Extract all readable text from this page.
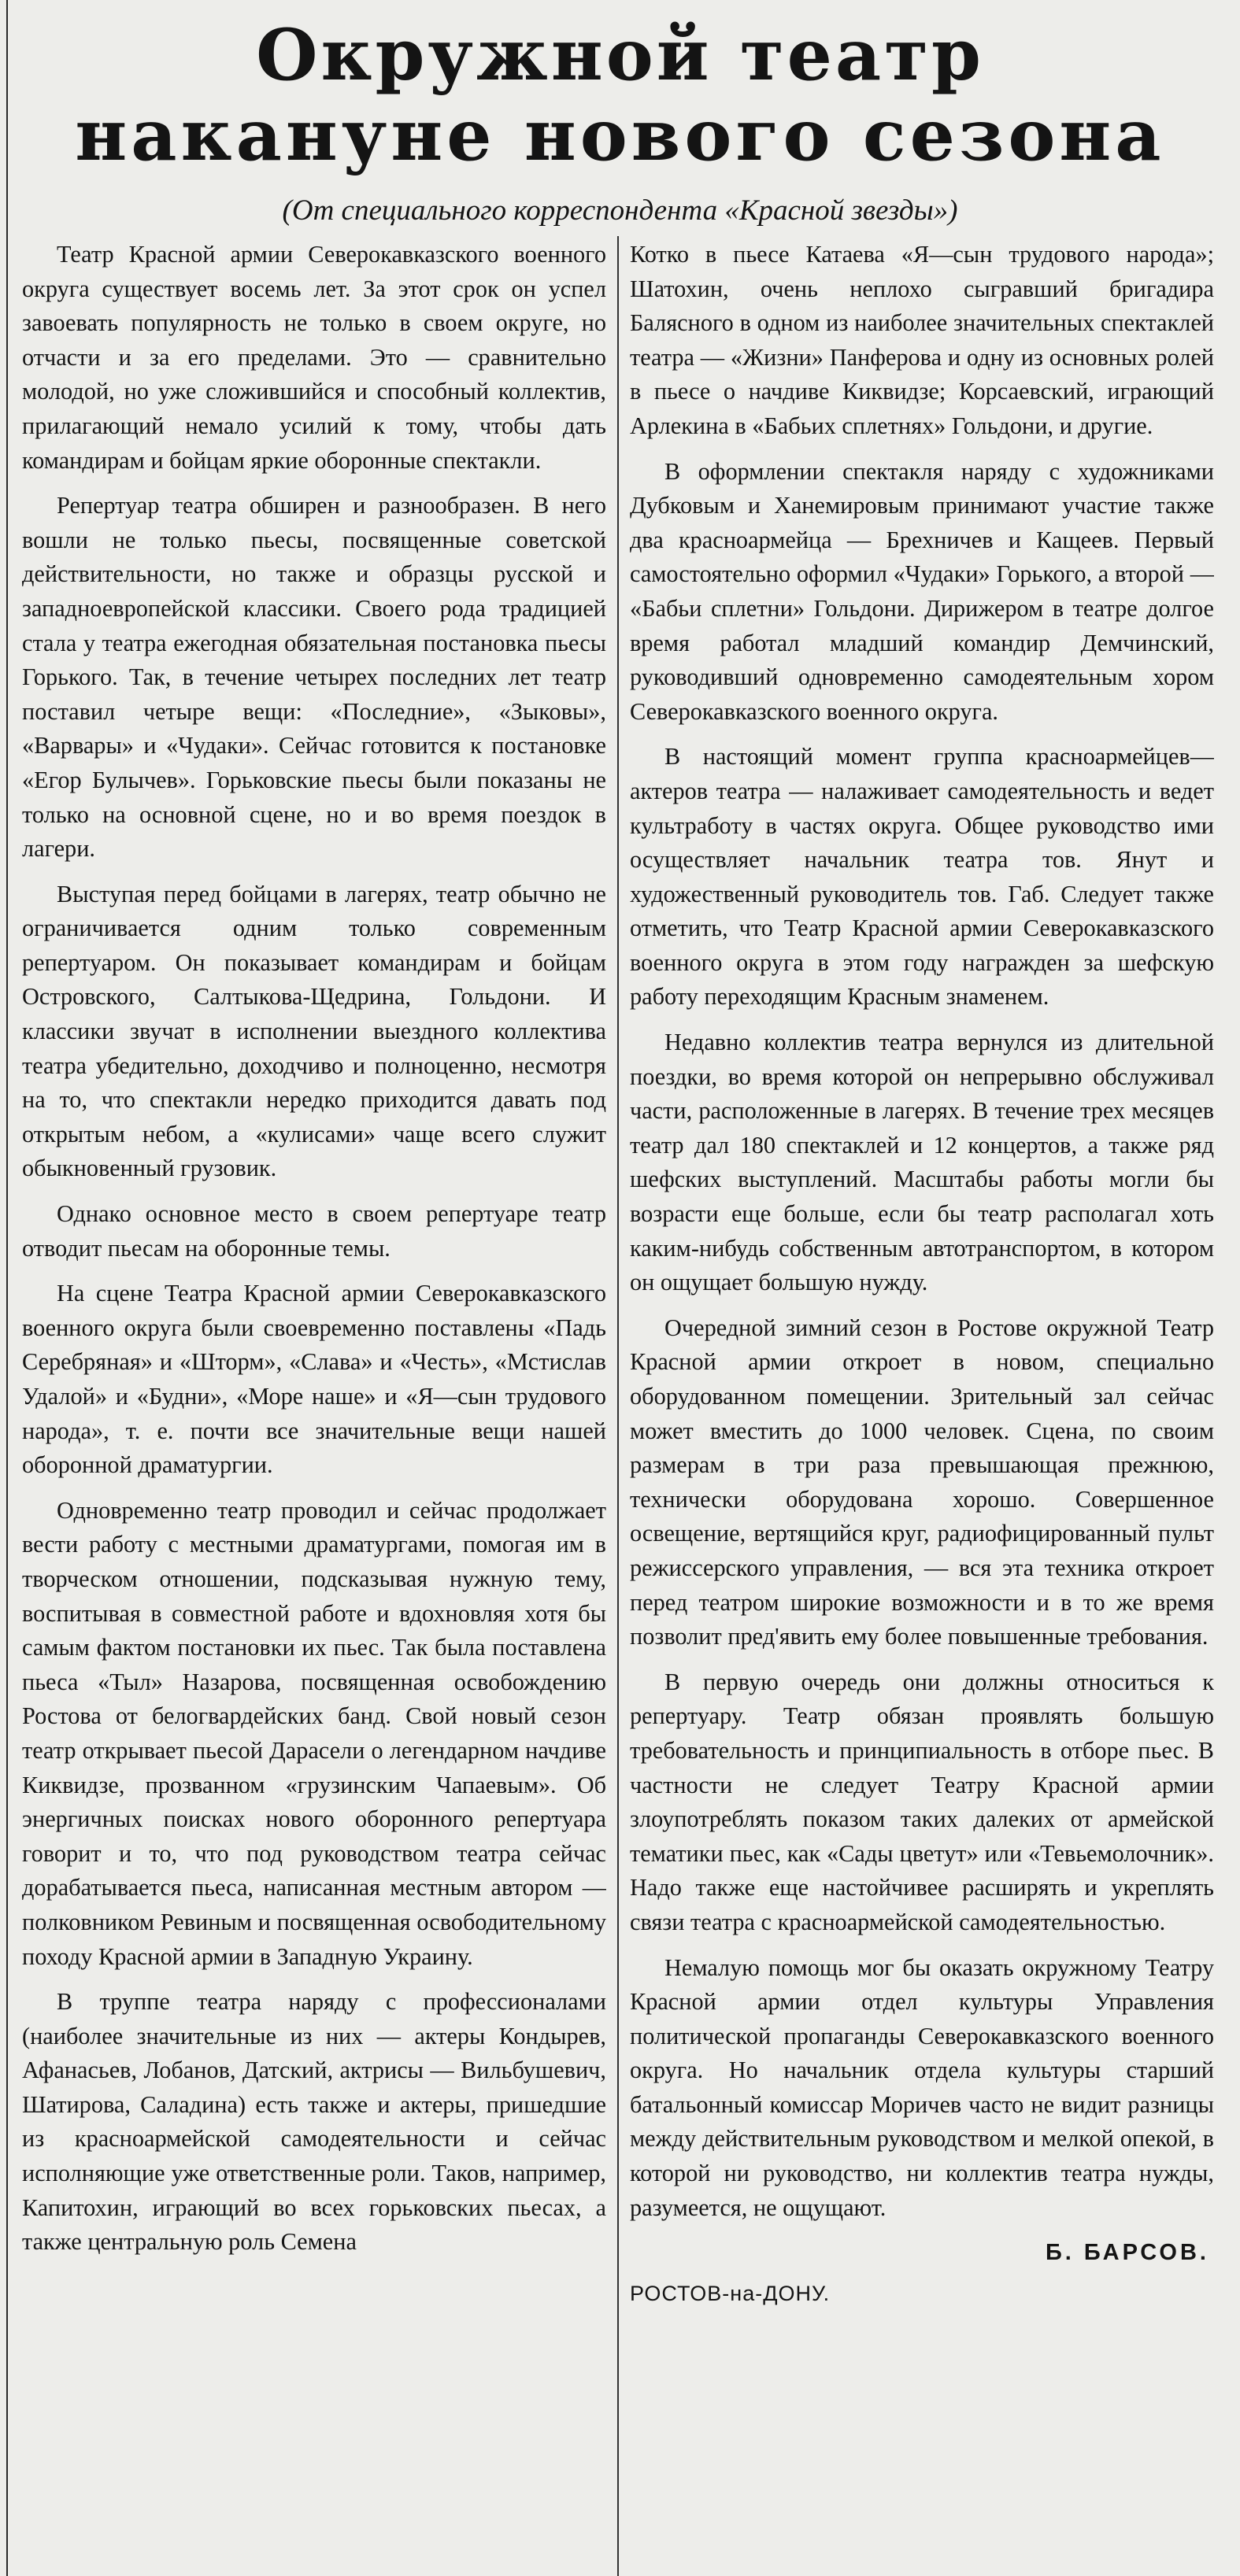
Окружной театр
накануне нового сезона

(От специального корреспондента «Красной звезды»)

Театр Красной армии Северокавказского военного округа существует восемь лет. За этот срок он успел завоевать популярность не только в своем округе, но отчасти и за его пределами. Это — сравнительно молодой, но уже сложившийся и способный коллектив, прилагающий немало усилий к тому, чтобы дать командирам и бойцам яркие оборонные спектакли.

Репертуар театра обширен и разнообразен. В него вошли не только пьесы, посвященные советской действительности, но также и образцы русской и западноевропейской классики. Своего рода традицией стала у театра ежегодная обязательная постановка пьесы Горького. Так, в течение четырех последних лет театр поставил четыре вещи: «Последние», «Зыковы», «Варвары» и «Чудаки». Сейчас готовится к постановке «Егор Булычев». Горьковские пьесы были показаны не только на основной сцене, но и во время поездок в лагери.

Выступая перед бойцами в лагерях, театр обычно не ограничивается одним только современным репертуаром. Он показывает командирам и бойцам Островского, Салтыкова-Щедрина, Гольдони. И классики звучат в исполнении выездного коллектива театра убедительно, доходчиво и полноценно, несмотря на то, что спектакли нередко приходится давать под открытым небом, а «кулисами» чаще всего служит обыкновенный грузовик.

Однако основное место в своем репертуаре театр отводит пьесам на оборонные темы.

На сцене Театра Красной армии Северокавказского военного округа были своевременно поставлены «Падь Серебряная» и «Шторм», «Слава» и «Честь», «Мстислав Удалой» и «Будни», «Море наше» и «Я—сын трудового народа», т. е. почти все значительные вещи нашей оборонной драматургии.

Одновременно театр проводил и сейчас продолжает вести работу с местными драматургами, помогая им в творческом отношении, подсказывая нужную тему, воспитывая в совместной работе и вдохновляя хотя бы самым фактом постановки их пьес. Так была поставлена пьеса «Тыл» Назарова, посвященная освобождению Ростова от белогвардейских банд. Свой новый сезон театр открывает пьесой Дарасели о легендарном начдиве Киквидзе, прозванном «грузинским Чапаевым». Об энергичных поисках нового оборонного репертуара говорит и то, что под руководством театра сейчас дорабатывается пьеса, написанная местным автором — полковником Ревиным и посвященная освободительному походу Красной армии в Западную Украину.

В труппе театра наряду с профессионалами (наиболее значительные из них — актеры Кондырев, Афанасьев, Лобанов, Датский, актрисы — Вильбушевич, Шатирова, Саладина) есть также и актеры, пришедшие из красноармейской самодеятельности и сейчас исполняющие уже ответственные роли. Таков, например, Капитохин, играющий во всех горьковских пьесах, а также центральную роль Семена

Котко в пьесе Катаева «Я—сын трудового народа»; Шатохин, очень неплохо сыгравший бригадира Балясного в одном из наиболее значительных спектаклей театра — «Жизни» Панферова и одну из основных ролей в пьесе о начдиве Киквидзе; Корсаевский, играющий Арлекина в «Бабьих сплетнях» Гольдони, и другие.

В оформлении спектакля наряду с художниками Дубковым и Ханемировым принимают участие также два красноармейца — Брехничев и Кащеев. Первый самостоятельно оформил «Чудаки» Горького, а второй — «Бабьи сплетни» Гольдони. Дирижером в театре долгое время работал младший командир Демчинский, руководивший одновременно самодеятельным хором Северокавказского военного округа.

В настоящий момент группа красноармейцев—актеров театра — налаживает самодеятельность и ведет культработу в частях округа. Общее руководство ими осуществляет начальник театра тов. Янут и художественный руководитель тов. Габ. Следует также отметить, что Театр Красной армии Северокавказского военного округа в этом году награжден за шефскую работу переходящим Красным знаменем.

Недавно коллектив театра вернулся из длительной поездки, во время которой он непрерывно обслуживал части, расположенные в лагерях. В течение трех месяцев театр дал 180 спектаклей и 12 концертов, а также ряд шефских выступлений. Масштабы работы могли бы возрасти еще больше, если бы театр располагал хоть каким-нибудь собственным автотранспортом, в котором он ощущает большую нужду.

Очередной зимний сезон в Ростове окружной Театр Красной армии откроет в новом, специально оборудованном помещении. Зрительный зал сейчас может вместить до 1000 человек. Сцена, по своим размерам в три раза превышающая прежнюю, технически оборудована хорошо. Совершенное освещение, вертящийся круг, радиофицированный пульт режиссерского управления, — вся эта техника откроет перед театром широкие возможности и в то же время позволит пред'явить ему более повышенные требования.

В первую очередь они должны относиться к репертуару. Театр обязан проявлять большую требовательность и принципиальность в отборе пьес. В частности не следует Театру Красной армии злоупотреблять показом таких далеких от армейской тематики пьес, как «Сады цветут» или «Тевьемолочник». Надо также еще настойчивее расширять и укреплять связи театра с красноармейской самодеятельностью.

Немалую помощь мог бы оказать окружному Театру Красной армии отдел культуры Управления политической пропаганды Северокавказского военного округа. Но начальник отдела культуры старший батальонный комиссар Моричев часто не видит разницы между действительным руководством и мелкой опекой, в которой ни руководство, ни коллектив театра нужды, разумеется, не ощущают.

Б. БАРСОВ.

РОСТОВ-на-ДОНУ.
